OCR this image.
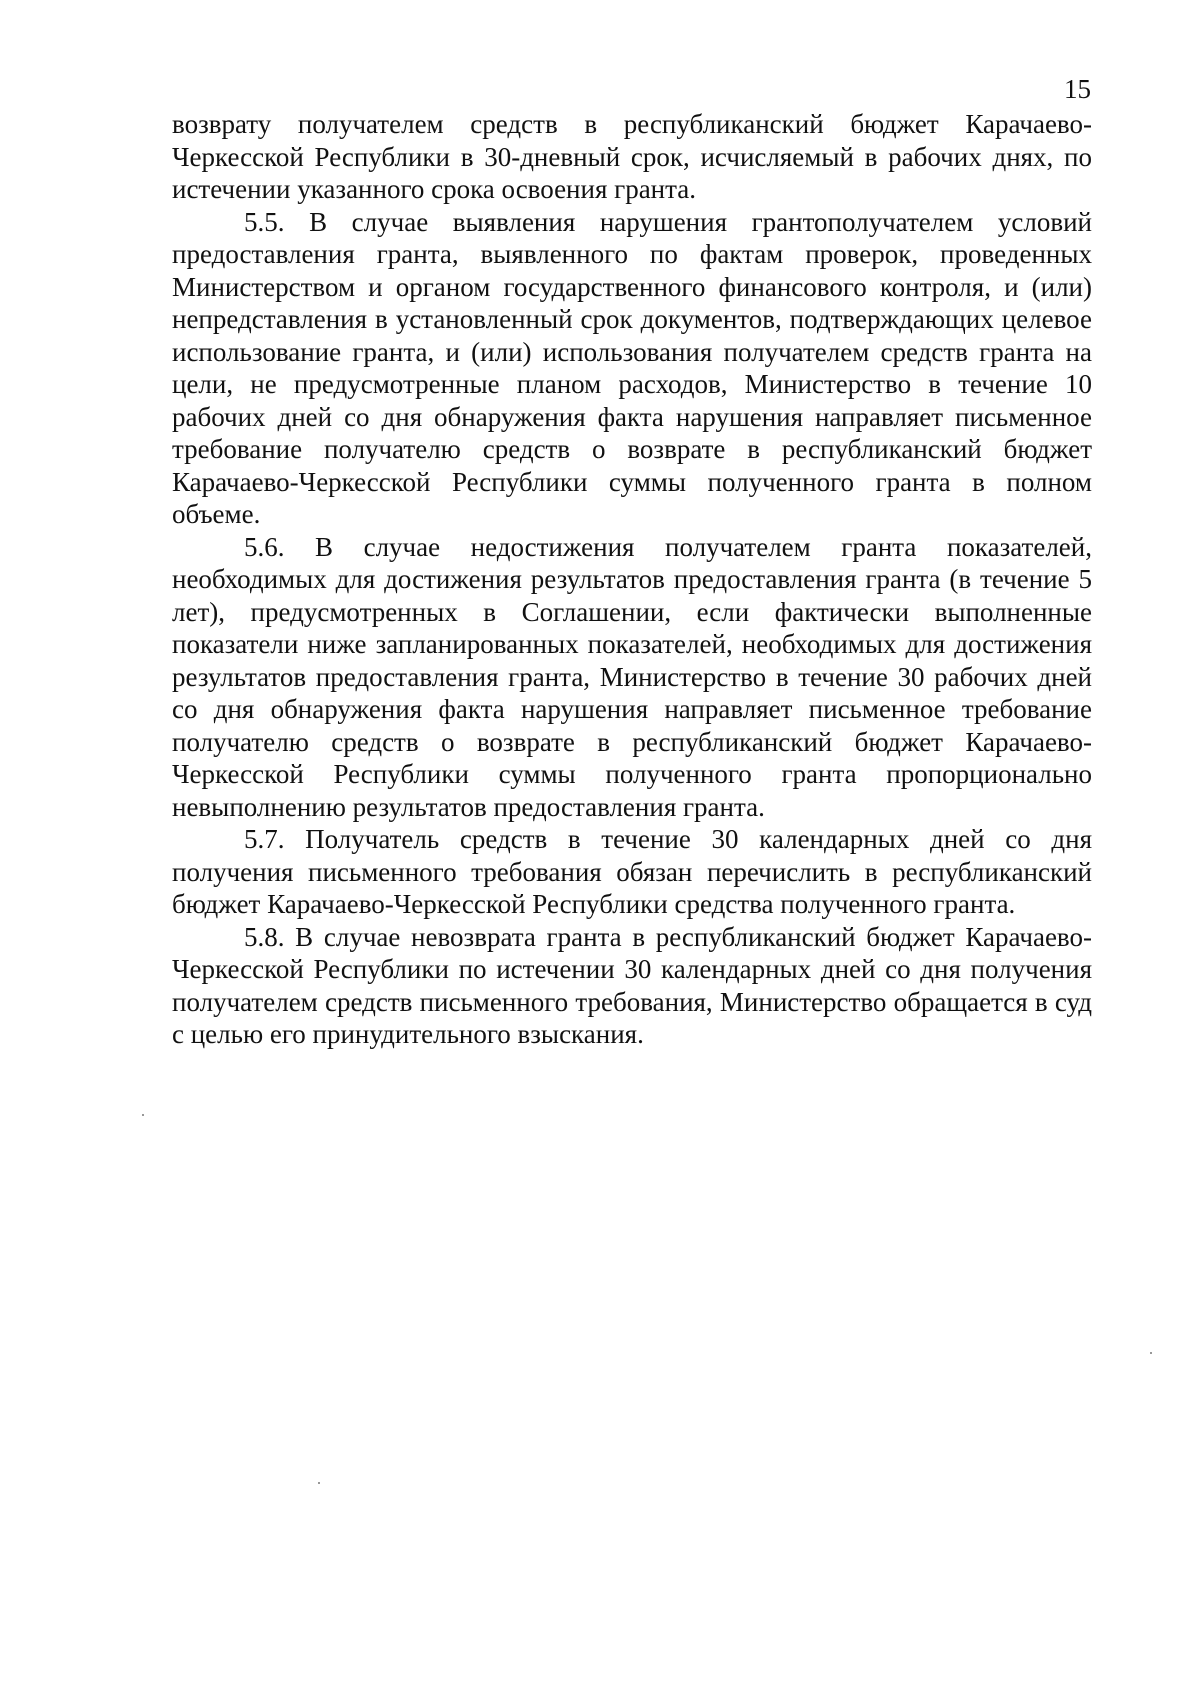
15

возврату получателем средств в республиканский бюджет Карачаево-Черкесской Республики в 30-дневный срок, исчисляемый в рабочих днях, по истечении указанного срока освоения гранта.

5.5. В случае выявления нарушения грантополучателем условий предоставления гранта, выявленного по фактам проверок, проведенных Министерством и органом государственного финансового контроля, и (или) непредставления в установленный срок документов, подтверждающих целевое использование гранта, и (или) использования получателем средств гранта на цели, не предусмотренные планом расходов, Министерство в течение 10 рабочих дней со дня обнаружения факта нарушения направляет письменное требование получателю средств о возврате в республиканский бюджет Карачаево-Черкесской Республики суммы полученного гранта в полном объеме.

5.6. В случае недостижения получателем гранта показателей, необходимых для достижения результатов предоставления гранта (в течение 5 лет), предусмотренных в Соглашении, если фактически выполненные показатели ниже запланированных показателей, необходимых для достижения результатов предоставления гранта, Министерство в течение 30 рабочих дней со дня обнаружения факта нарушения направляет письменное требование получателю средств о возврате в республиканский бюджет Карачаево-Черкесской Республики суммы полученного гранта пропорционально невыполнению результатов предоставления гранта.

5.7. Получатель средств в течение 30 календарных дней со дня получения письменного требования обязан перечислить в республиканский бюджет Карачаево-Черкесской Республики средства полученного гранта.

5.8. В случае невозврата гранта в республиканский бюджет Карачаево-Черкесской Республики по истечении 30 календарных дней со дня получения получателем средств письменного требования, Министерство обращается в суд с целью его принудительного взыскания.
